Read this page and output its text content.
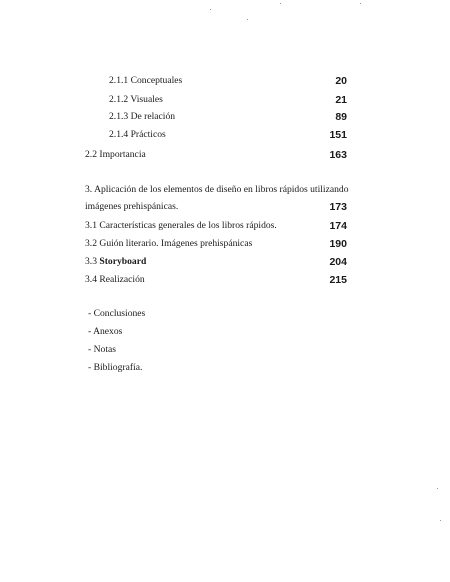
2.1.1 Conceptuales	20
2.1.2 Visuales	21
2.1.3 De relación	89
2.1.4 Prácticos	151
2.2 Importancia	163
3. Aplicación de los elementos de diseño en libros rápidos utilizando
imágenes prehispánicas.	173
3.1 Características generales de los libros rápidos.	174
3.2 Guión literario. Imágenes prehispánicas	190
3.3 Storyboard	204
3.4 Realización	215
- Conclusiones
- Anexos
- Notas
- Bibliografía.
